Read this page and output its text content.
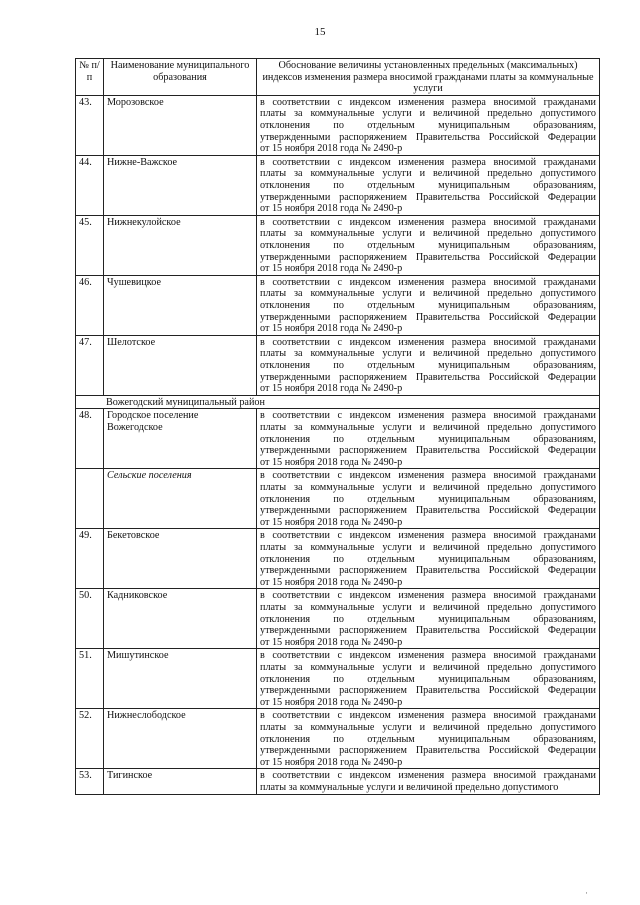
15
№ п/п	Наименование муниципального образования	Обоснование величины установленных предельных (максимальных) индексов изменения размера вносимой гражданами платы за коммунальные услуги
43.	Морозовское	в соответствии с индексом изменения размера вносимой гражданами
платы за коммунальные услуги и величиной предельно допустимого
отклонения по отдельным муниципальным образованиям,
утвержденными распоряжением Правительства Российской Федерации
от 15 ноября 2018 года № 2490-р

44.	Нижне-Важское	в соответствии с индексом изменения размера вносимой гражданами
платы за коммунальные услуги и величиной предельно допустимого
отклонения по отдельным муниципальным образованиям,
утвержденными распоряжением Правительства Российской Федерации
от 15 ноября 2018 года № 2490-р

45.	Нижнекулойское	в соответствии с индексом изменения размера вносимой гражданами
платы за коммунальные услуги и величиной предельно допустимого
отклонения по отдельным муниципальным образованиям,
утвержденными распоряжением Правительства Российской Федерации
от 15 ноября 2018 года № 2490-р

46.	Чушевицкое	в соответствии с индексом изменения размера вносимой гражданами
платы за коммунальные услуги и величиной предельно допустимого
отклонения по отдельным муниципальным образованиям,
утвержденными распоряжением Правительства Российской Федерации
от 15 ноября 2018 года № 2490-р

47.	Шелотское	в соответствии с индексом изменения размера вносимой гражданами
платы за коммунальные услуги и величиной предельно допустимого
отклонения по отдельным муниципальным образованиям,
утвержденными распоряжением Правительства Российской Федерации
от 15 ноября 2018 года № 2490-р

Вожегодский муниципальный район		
48.	Городское поселение Вожегодское	в соответствии с индексом изменения размера вносимой гражданами
платы за коммунальные услуги и величиной предельно допустимого
отклонения по отдельным муниципальным образованиям,
утвержденными распоряжением Правительства Российской Федерации
от 15 ноября 2018 года № 2490-р

	Сельские поселения	в соответствии с индексом изменения размера вносимой гражданами
платы за коммунальные услуги и величиной предельно допустимого
отклонения по отдельным муниципальным образованиям,
утвержденными распоряжением Правительства Российской Федерации
от 15 ноября 2018 года № 2490-р

49.	Бекетовское	в соответствии с индексом изменения размера вносимой гражданами
платы за коммунальные услуги и величиной предельно допустимого
отклонения по отдельным муниципальным образованиям,
утвержденными распоряжением Правительства Российской Федерации
от 15 ноября 2018 года № 2490-р

50.	Кадниковское	в соответствии с индексом изменения размера вносимой гражданами
платы за коммунальные услуги и величиной предельно допустимого
отклонения по отдельным муниципальным образованиям,
утвержденными распоряжением Правительства Российской Федерации
от 15 ноября 2018 года № 2490-р

51.	Мишутинское	в соответствии с индексом изменения размера вносимой гражданами
платы за коммунальные услуги и величиной предельно допустимого
отклонения по отдельным муниципальным образованиям,
утвержденными распоряжением Правительства Российской Федерации
от 15 ноября 2018 года № 2490-р

52.	Нижнеслободское	в соответствии с индексом изменения размера вносимой гражданами
платы за коммунальные услуги и величиной предельно допустимого
отклонения по отдельным муниципальным образованиям,
утвержденными распоряжением Правительства Российской Федерации
от 15 ноября 2018 года № 2490-р

53.	Тигинское	в соответствии с индексом изменения размера вносимой гражданами
платы за коммунальные услуги и величиной предельно допустимого
·
·
